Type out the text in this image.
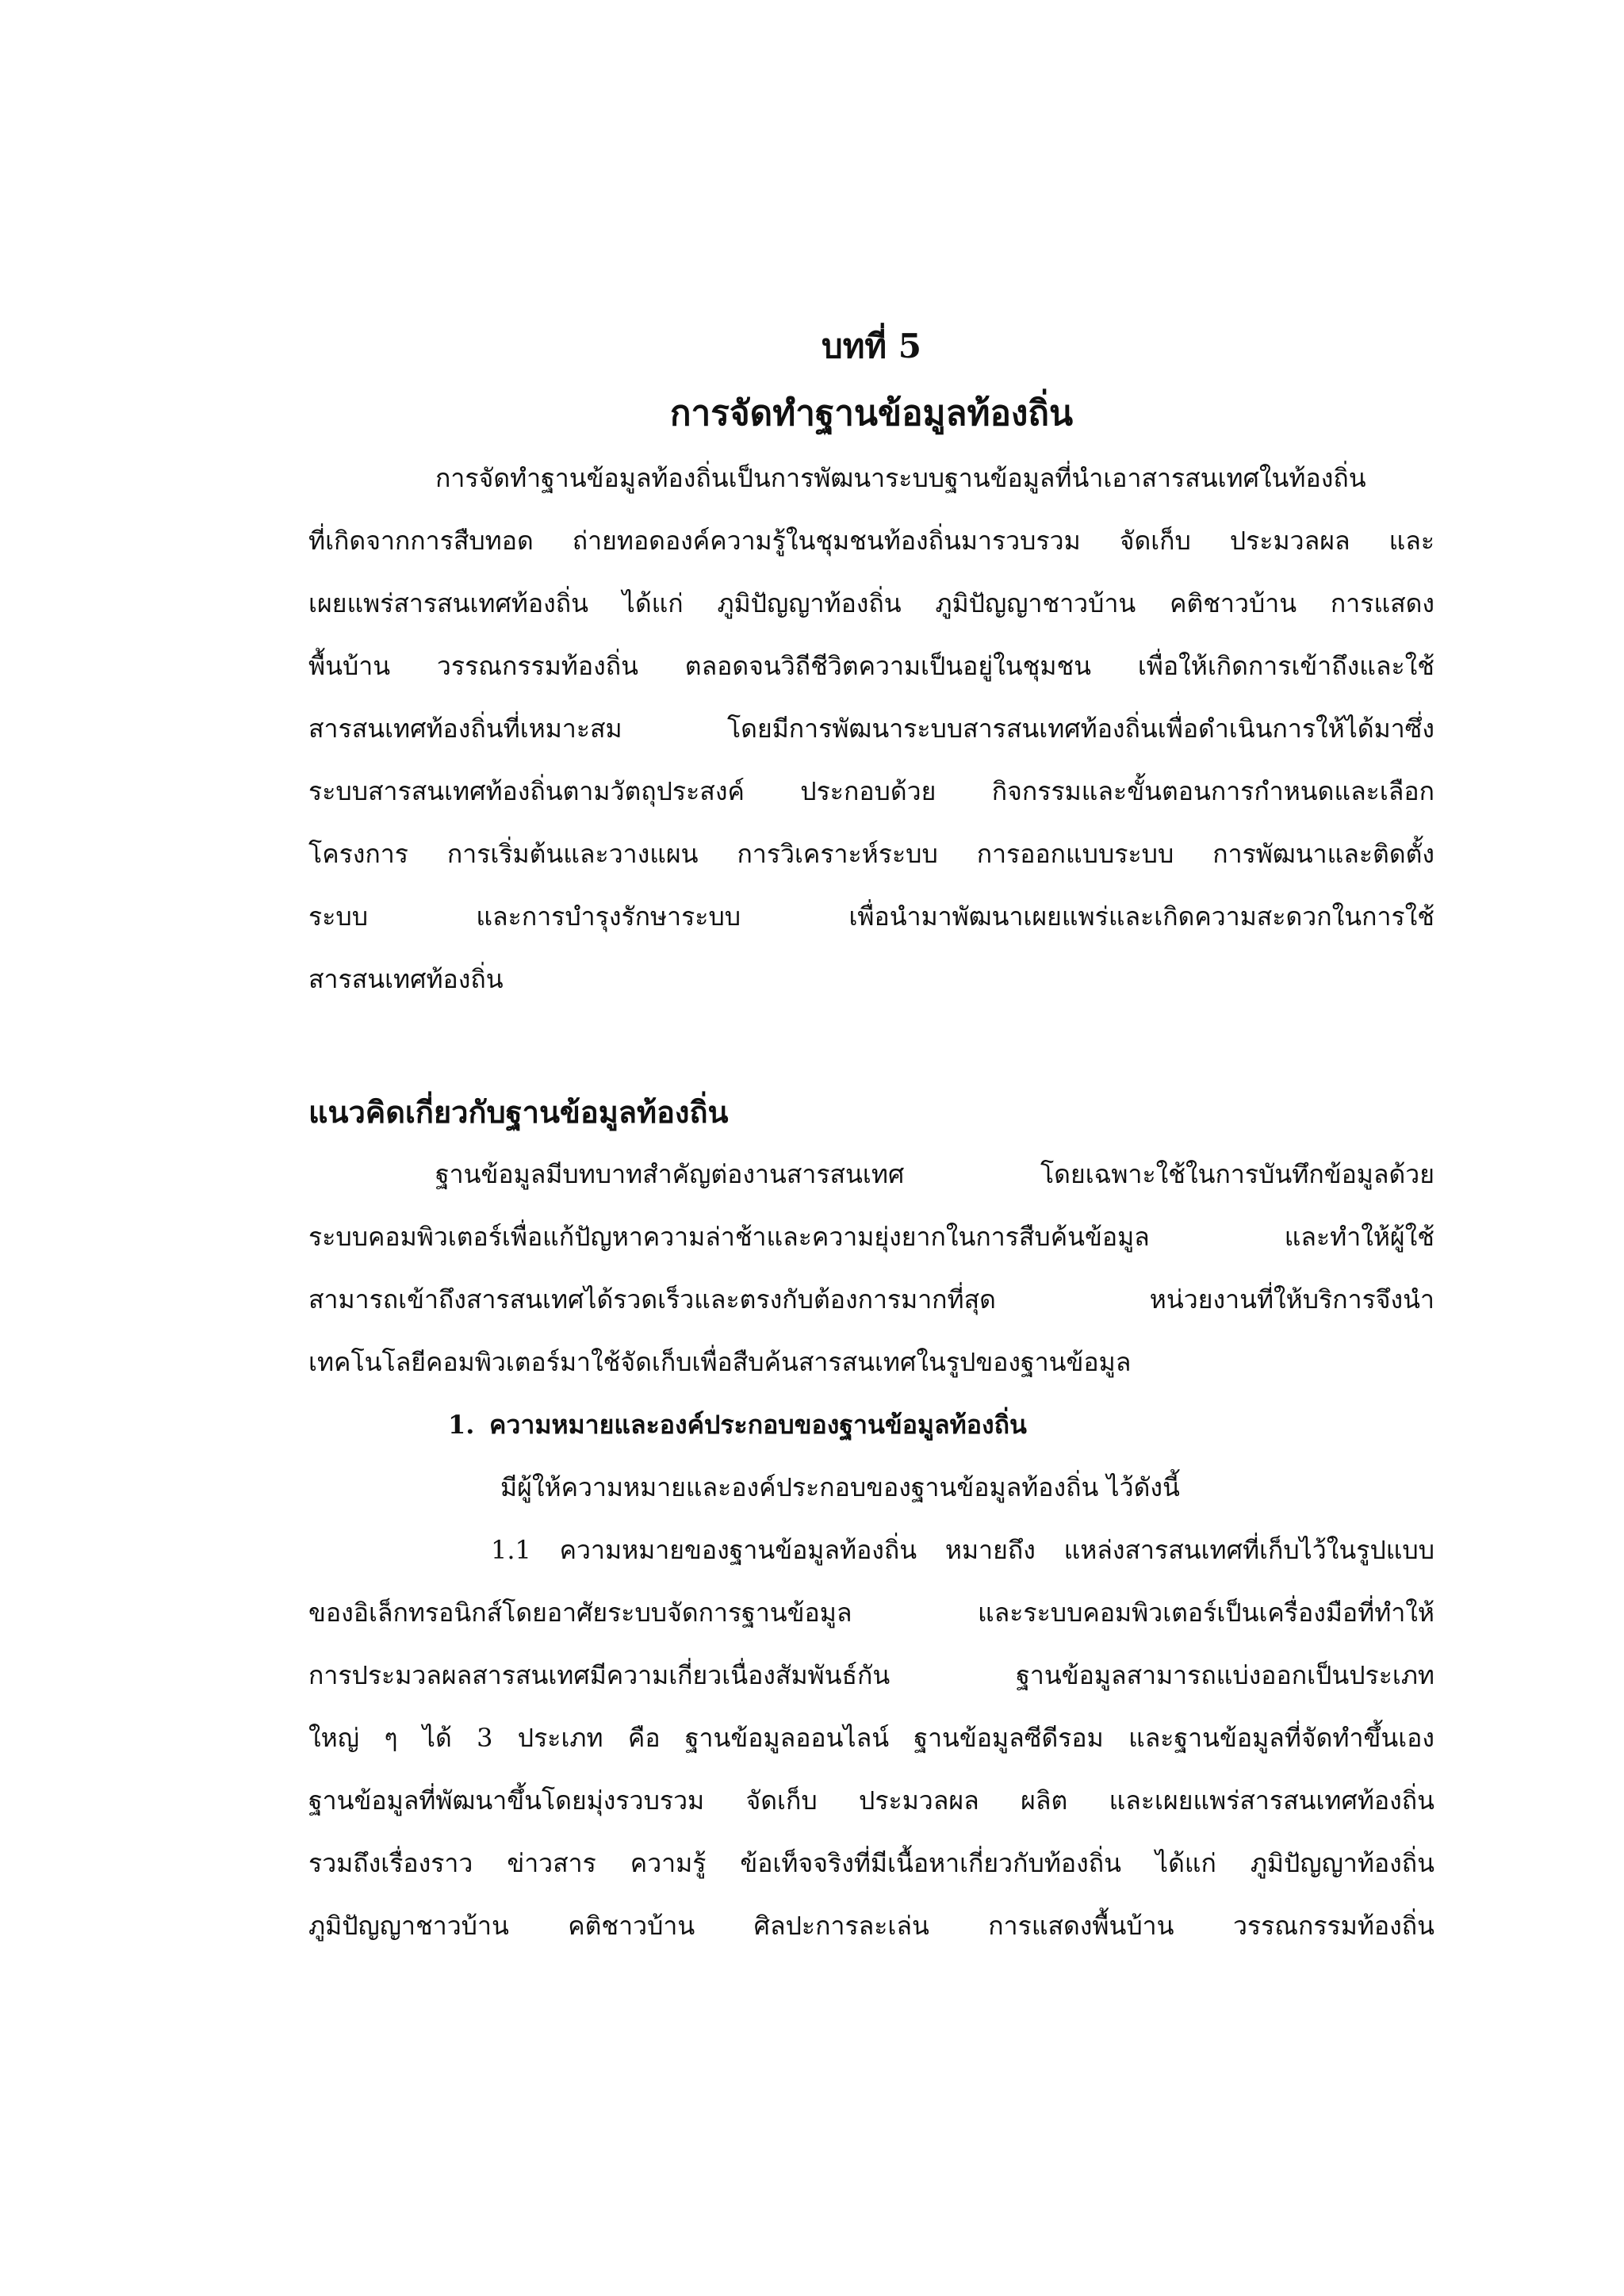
บทที่ 5
การจัดทำฐานข้อมูลท้องถิ่น
การจัดทำฐานข้อมูลท้องถิ่นเป็นการพัฒนาระบบฐานข้อมูลที่นำเอาสารสนเทศในท้องถิ่น
ที่เกิดจากการสืบทอด ถ่ายทอดองค์ความรู้ในชุมชนท้องถิ่นมารวบรวม จัดเก็บ ประมวลผล และ
เผยแพร่สารสนเทศท้องถิ่น ได้แก่ ภูมิปัญญาท้องถิ่น ภูมิปัญญาชาวบ้าน คติชาวบ้าน การแสดง
พื้นบ้าน วรรณกรรมท้องถิ่น ตลอดจนวิถีชีวิตความเป็นอยู่ในชุมชน เพื่อให้เกิดการเข้าถึงและใช้
สารสนเทศท้องถิ่นที่เหมาะสม โดยมีการพัฒนาระบบสารสนเทศท้องถิ่นเพื่อดำเนินการให้ได้มาซึ่ง
ระบบสารสนเทศท้องถิ่นตามวัตถุประสงค์ ประกอบด้วย กิจกรรมและขั้นตอนการกำหนดและเลือก
โครงการ การเริ่มต้นและวางแผน การวิเคราะห์ระบบ การออกแบบระบบ การพัฒนาและติดตั้ง
ระบบ และการบำรุงรักษาระบบ เพื่อนำมาพัฒนาเผยแพร่และเกิดความสะดวกในการใช้
สารสนเทศท้องถิ่น
แนวคิดเกี่ยวกับฐานข้อมูลท้องถิ่น
ฐานข้อมูลมีบทบาทสำคัญต่องานสารสนเทศ โดยเฉพาะใช้ในการบันทึกข้อมูลด้วย
ระบบคอมพิวเตอร์เพื่อแก้ปัญหาความล่าช้าและความยุ่งยากในการสืบค้นข้อมูล และทำให้ผู้ใช้
สามารถเข้าถึงสารสนเทศได้รวดเร็วและตรงกับต้องการมากที่สุด หน่วยงานที่ให้บริการจึงนำ
เทคโนโลยีคอมพิวเตอร์มาใช้จัดเก็บเพื่อสืบค้นสารสนเทศในรูปของฐานข้อมูล
1. ความหมายและองค์ประกอบของฐานข้อมูลท้องถิ่น

มีผู้ให้ความหมายและองค์ประกอบของฐานข้อมูลท้องถิ่น ไว้ดังนี้

1.1 ความหมายของฐานข้อมูลท้องถิ่น หมายถึง แหล่งสารสนเทศที่เก็บไว้ในรูปแบบ
ของอิเล็กทรอนิกส์โดยอาศัยระบบจัดการฐานข้อมูล และระบบคอมพิวเตอร์เป็นเครื่องมือที่ทำให้
การประมวลผลสารสนเทศมีความเกี่ยวเนื่องสัมพันธ์กัน ฐานข้อมูลสามารถแบ่งออกเป็นประเภท
ใหญ่ ๆ ได้ 3 ประเภท คือ ฐานข้อมูลออนไลน์ ฐานข้อมูลซีดีรอม และฐานข้อมูลที่จัดทำขึ้นเอง
ฐานข้อมูลที่พัฒนาขึ้นโดยมุ่งรวบรวม จัดเก็บ ประมวลผล ผลิต และเผยแพร่สารสนเทศท้องถิ่น
รวมถึงเรื่องราว ข่าวสาร ความรู้ ข้อเท็จจริงที่มีเนื้อหาเกี่ยวกับท้องถิ่น ได้แก่ ภูมิปัญญาท้องถิ่น
ภูมิปัญญาชาวบ้าน คติชาวบ้าน ศิลปะการละเล่น การแสดงพื้นบ้าน วรรณกรรมท้องถิ่น
